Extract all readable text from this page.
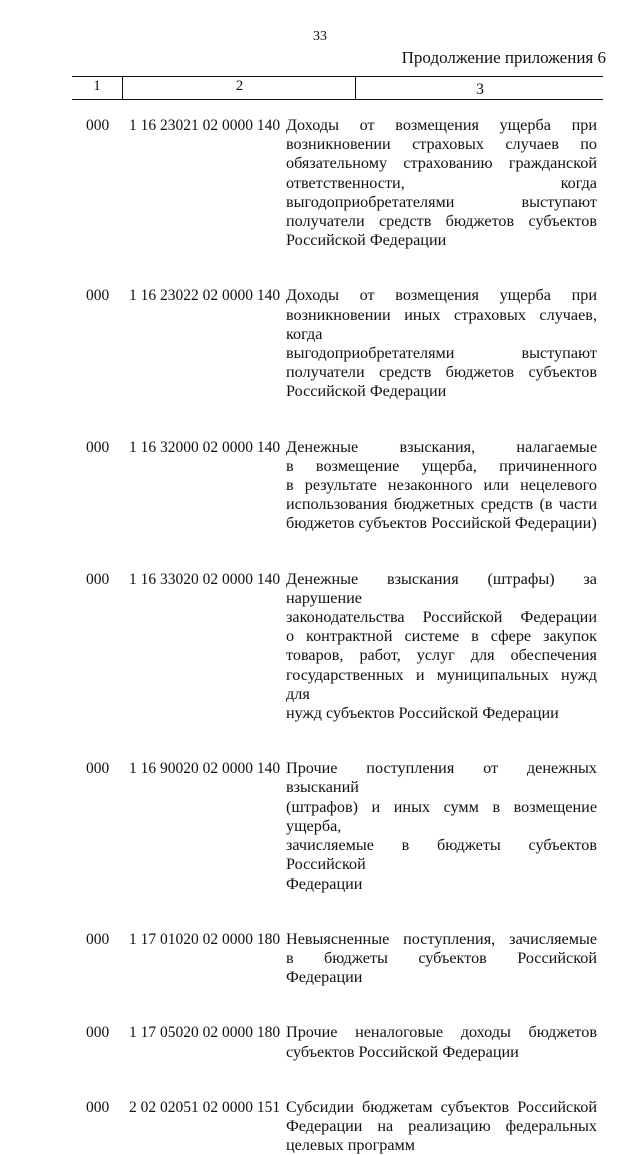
33
Продолжение приложения 6
1	2	3
000	1 16 23021 02 0000 140 Доходы от возмещения ущерба при
возникновении страховых случаев по
обязательному страхованию гражданской
ответственности, когда
выгодоприобретателями выступают
получатели средств бюджетов субъектов
Российской Федерации
000	1 16 23022 02 0000 140 Доходы от возмещения ущерба при
возникновении иных страховых случаев, когда
выгодоприобретателями выступают
получатели средств бюджетов субъектов
Российской Федерации
000	1 16 32000 02 0000 140 Денежные взыскания, налагаемые
в возмещение ущерба, причиненного
в результате незаконного или нецелевого
использования бюджетных средств (в части
бюджетов субъектов Российской Федерации)
000	1 16 33020 02 0000 140 Денежные взыскания (штрафы) за нарушение
законодательства Российской Федерации
о контрактной системе в сфере закупок
товаров, работ, услуг для обеспечения
государственных и муниципальных нужд для
нужд субъектов Российской Федерации
000	1 16 90020 02 0000 140 Прочие поступления от денежных взысканий
(штрафов) и иных сумм в возмещение ущерба,
зачисляемые в бюджеты субъектов Российской
Федерации
000	1 17 01020 02 0000 180 Невыясненные поступления, зачисляемые
в бюджеты субъектов Российской Федерации
000	1 17 05020 02 0000 180 Прочие неналоговые доходы бюджетов
субъектов Российской Федерации
000	2 02 02051 02 0000 151 Субсидии бюджетам субъектов Российской
Федерации на реализацию федеральных
целевых программ
